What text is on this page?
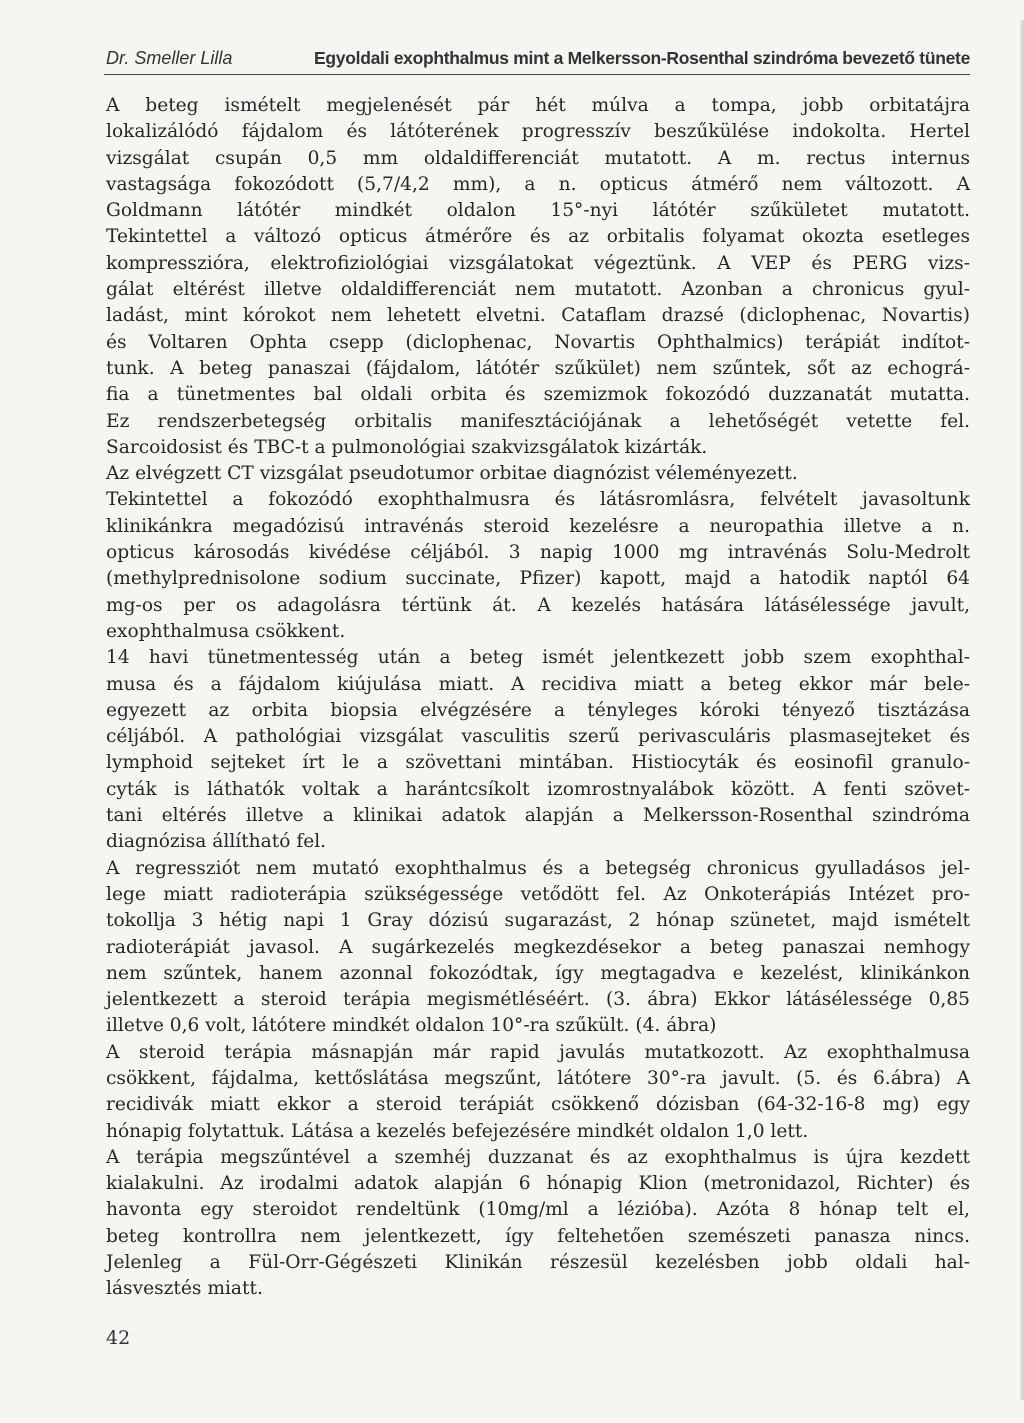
Dr. Smeller Lilla	Egyoldali exophthalmus mint a Melkersson-Rosenthal szindróma bevezető tünete
A beteg ismételt megjelenését pár hét múlva a tompa, jobb orbitatájra
lokalizálódó fájdalom és látóterének progresszív beszűkülése indokolta. Hertel
vizsgálat csupán 0,5 mm oldaldifferenciát mutatott. A m. rectus internus
vastagsága fokozódott (5,7/4,2 mm), a n. opticus átmérő nem változott. A
Goldmann látótér mindkét oldalon 15°-nyi látótér szűkületet mutatott.
Tekintettel a változó opticus átmérőre és az orbitalis folyamat okozta esetleges
kompresszióra, elektrofiziológiai vizsgálatokat végeztünk. A VEP és PERG vizs-
gálat eltérést illetve oldaldifferenciát nem mutatott. Azonban a chronicus gyul-
ladást, mint kórokot nem lehetett elvetni. Cataflam drazsé (diclophenac, Novartis)
és Voltaren Ophta csepp (diclophenac, Novartis Ophthalmics) terápiát indítot-
tunk. A beteg panaszai (fájdalom, látótér szűkület) nem szűntek, sőt az echográ-
fia a tünetmentes bal oldali orbita és szemizmok fokozódó duzzanatát mutatta.
Ez rendszerbetegség orbitalis manifesztációjának a lehetőségét vetette fel.
Sarcoidosist és TBC-t a pulmonológiai szakvizsgálatok kizárták.
Az elvégzett CT vizsgálat pseudotumor orbitae diagnózist véleményezett.
Tekintettel a fokozódó exophthalmusra és látásromlásra, felvételt javasoltunk
klinikánkra megadózisú intravénás steroid kezelésre a neuropathia illetve a n.
opticus károsodás kivédése céljából. 3 napig 1000 mg intravénás Solu-Medrolt
(methylprednisolone sodium succinate, Pfizer) kapott, majd a hatodik naptól 64
mg-os per os adagolásra tértünk át. A kezelés hatására látásélessége javult,
exophthalmusa csökkent.
14 havi tünetmentesség után a beteg ismét jelentkezett jobb szem exophthal-
musa és a fájdalom kiújulása miatt. A recidiva miatt a beteg ekkor már bele-
egyezett az orbita biopsia elvégzésére a tényleges kóroki tényező tisztázása
céljából. A pathológiai vizsgálat vasculitis szerű perivasculáris plasmasejteket és
lymphoid sejteket írt le a szövettani mintában. Histiocyták és eosinofil granulo-
cyták is láthatók voltak a harántcsíkolt izomrostnyalábok között. A fenti szövet-
tani eltérés illetve a klinikai adatok alapján a Melkersson-Rosenthal szindróma
diagnózisa állítható fel.
A regressziót nem mutató exophthalmus és a betegség chronicus gyulladásos jel-
lege miatt radioterápia szükségessége vetődött fel. Az Onkoterápiás Intézet pro-
tokollja 3 hétig napi 1 Gray dózisú sugarazást, 2 hónap szünetet, majd ismételt
radioterápiát javasol. A sugárkezelés megkezdésekor a beteg panaszai nemhogy
nem szűntek, hanem azonnal fokozódtak, így megtagadva e kezelést, klinikánkon
jelentkezett a steroid terápia megismétléséért. (3. ábra) Ekkor látásélessége 0,85
illetve 0,6 volt, látótere mindkét oldalon 10°-ra szűkült. (4. ábra)
A steroid terápia másnapján már rapid javulás mutatkozott. Az exophthalmusa
csökkent, fájdalma, kettőslátása megszűnt, látótere 30°-ra javult. (5. és 6.ábra) A
recidivák miatt ekkor a steroid terápiát csökkenő dózisban (64-32-16-8 mg) egy
hónapig folytattuk. Látása a kezelés befejezésére mindkét oldalon 1,0 lett.
A terápia megszűntével a szemhéj duzzanat és az exophthalmus is újra kezdett
kialakulni. Az irodalmi adatok alapján 6 hónapig Klion (metronidazol, Richter) és
havonta egy steroidot rendeltünk (10mg/ml a lézióba). Azóta 8 hónap telt el,
beteg kontrollra nem jelentkezett, így feltehetően szemészeti panasza nincs.
Jelenleg a Fül-Orr-Gégészeti Klinikán részesül kezelésben jobb oldali hal-
lásvesztés miatt.
42
